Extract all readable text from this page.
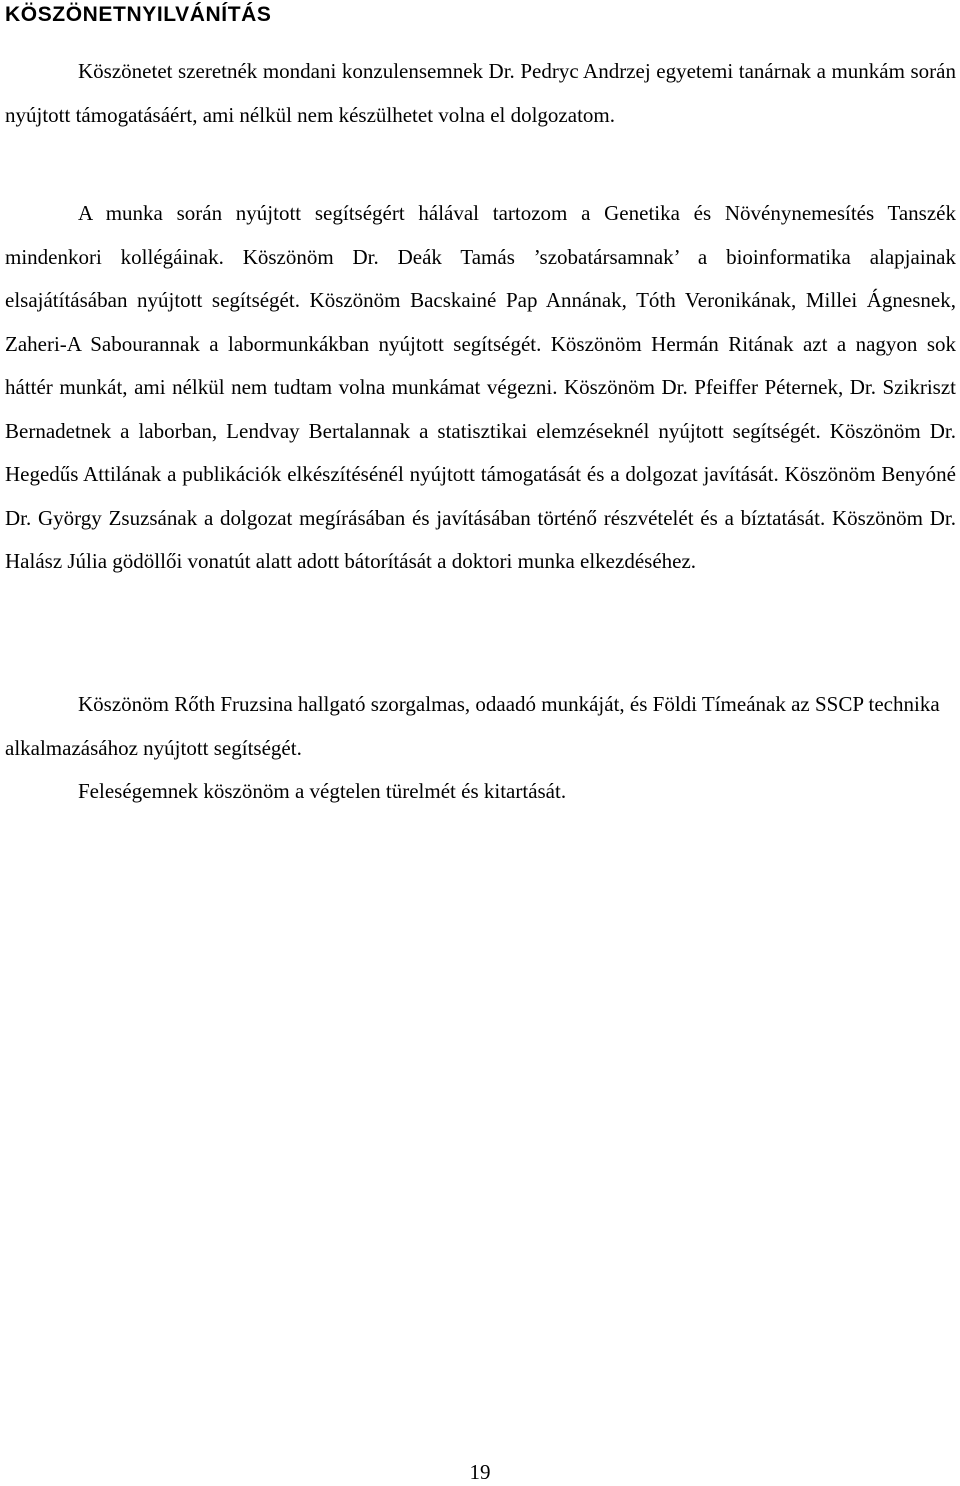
KÖSZÖNETNYILVÁNÍTÁS

Köszönetet szeretnék mondani konzulensemnek Dr. Pedryc Andrzej egyetemi tanárnak a munkám során nyújtott támogatásáért, ami nélkül nem készülhetet volna el dolgozatom.

A munka során nyújtott segítségért hálával tartozom a Genetika és Növénynemesítés Tanszék mindenkori kollégáinak. Köszönöm Dr. Deák Tamás ’szobatársamnak’ a bioinformatika alapjainak elsajátításában nyújtott segítségét. Köszönöm Bacskainé Pap Annának, Tóth Veronikának, Millei Ágnesnek, Zaheri-A Sabourannak a labormunkákban nyújtott segítségét. Köszönöm Hermán Ritának azt a nagyon sok háttér munkát, ami nélkül nem tudtam volna munkámat végezni. Köszönöm Dr. Pfeiffer Péternek, Dr. Szikriszt Bernadetnek a laborban, Lendvay Bertalannak a statisztikai elemzéseknél nyújtott segítségét. Köszönöm Dr. Hegedűs Attilának a publikációk elkészítésénél nyújtott támogatását és a dolgozat javítását. Köszönöm Benyóné Dr. György Zsuzsának a dolgozat megírásában és javításában történő részvételét és a bíztatását. Köszönöm Dr. Halász Júlia gödöllői vonatút alatt adott bátorítását a doktori munka elkezdéséhez.

Köszönöm Rőth Fruzsina hallgató szorgalmas, odaadó munkáját, és Földi Tímeának az SSCP technika alkalmazásához nyújtott segítségét.

Feleségemnek köszönöm a végtelen türelmét és kitartását.

19
